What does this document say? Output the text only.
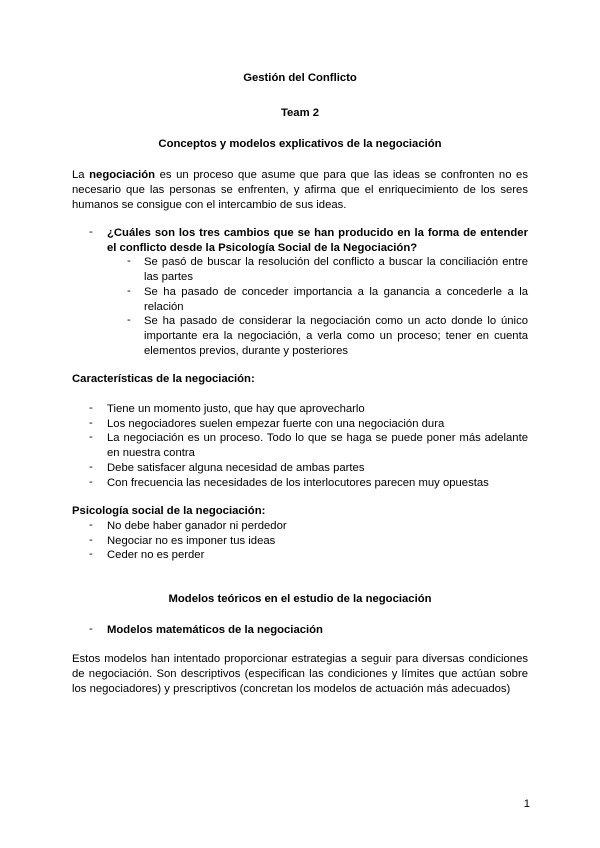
Gestión del Conflicto
Team 2
Conceptos y modelos explicativos de la negociación
La negociación es un proceso que asume que para que las ideas se confronten no es necesario que las personas se enfrenten, y afirma que el enriquecimiento de los seres humanos se consigue con el intercambio de sus ideas.
- ¿Cuáles son los tres cambios que se han producido en la forma de entender el conflicto desde la Psicología Social de la Negociación?
- Se pasó de buscar la resolución del conflicto a buscar la conciliación entre las partes
- Se ha pasado de conceder importancia a la ganancia a concederle a la relación
- Se ha pasado de considerar la negociación como un acto donde lo único importante era la negociación, a verla como un proceso; tener en cuenta elementos previos, durante y posteriores
Características de la negociación:
- Tiene un momento justo, que hay que aprovecharlo
- Los negociadores suelen empezar fuerte con una negociación dura
- La negociación es un proceso. Todo lo que se haga se puede poner más adelante en nuestra contra
- Debe satisfacer alguna necesidad de ambas partes
- Con frecuencia las necesidades de los interlocutores parecen muy opuestas
Psicología social de la negociación:
- No debe haber ganador ni perdedor
- Negociar no es imponer tus ideas
- Ceder no es perder
Modelos teóricos en el estudio de la negociación
- Modelos matemáticos de la negociación
Estos modelos han intentado proporcionar estrategias a seguir para diversas condiciones de negociación. Son descriptivos (especifican las condiciones y límites que actúan sobre los negociadores) y prescriptivos (concretan los modelos de actuación más adecuados)
1
